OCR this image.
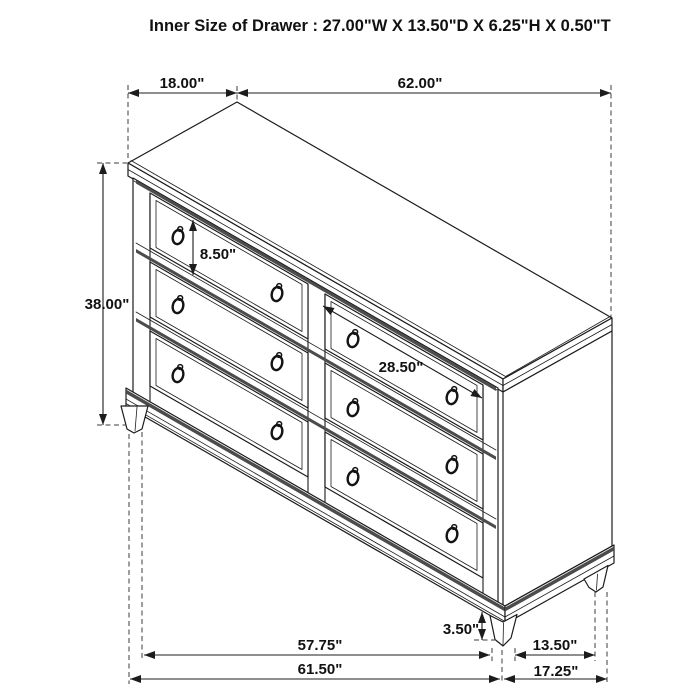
Inner Size of Drawer : 27.00"W X 13.50"D X 6.25"H X 0.50"T
18.00"	62.00"
38.00"
8.50"
28.50"
3.50"
13.50"
17.25"
57.75"
61.50"
